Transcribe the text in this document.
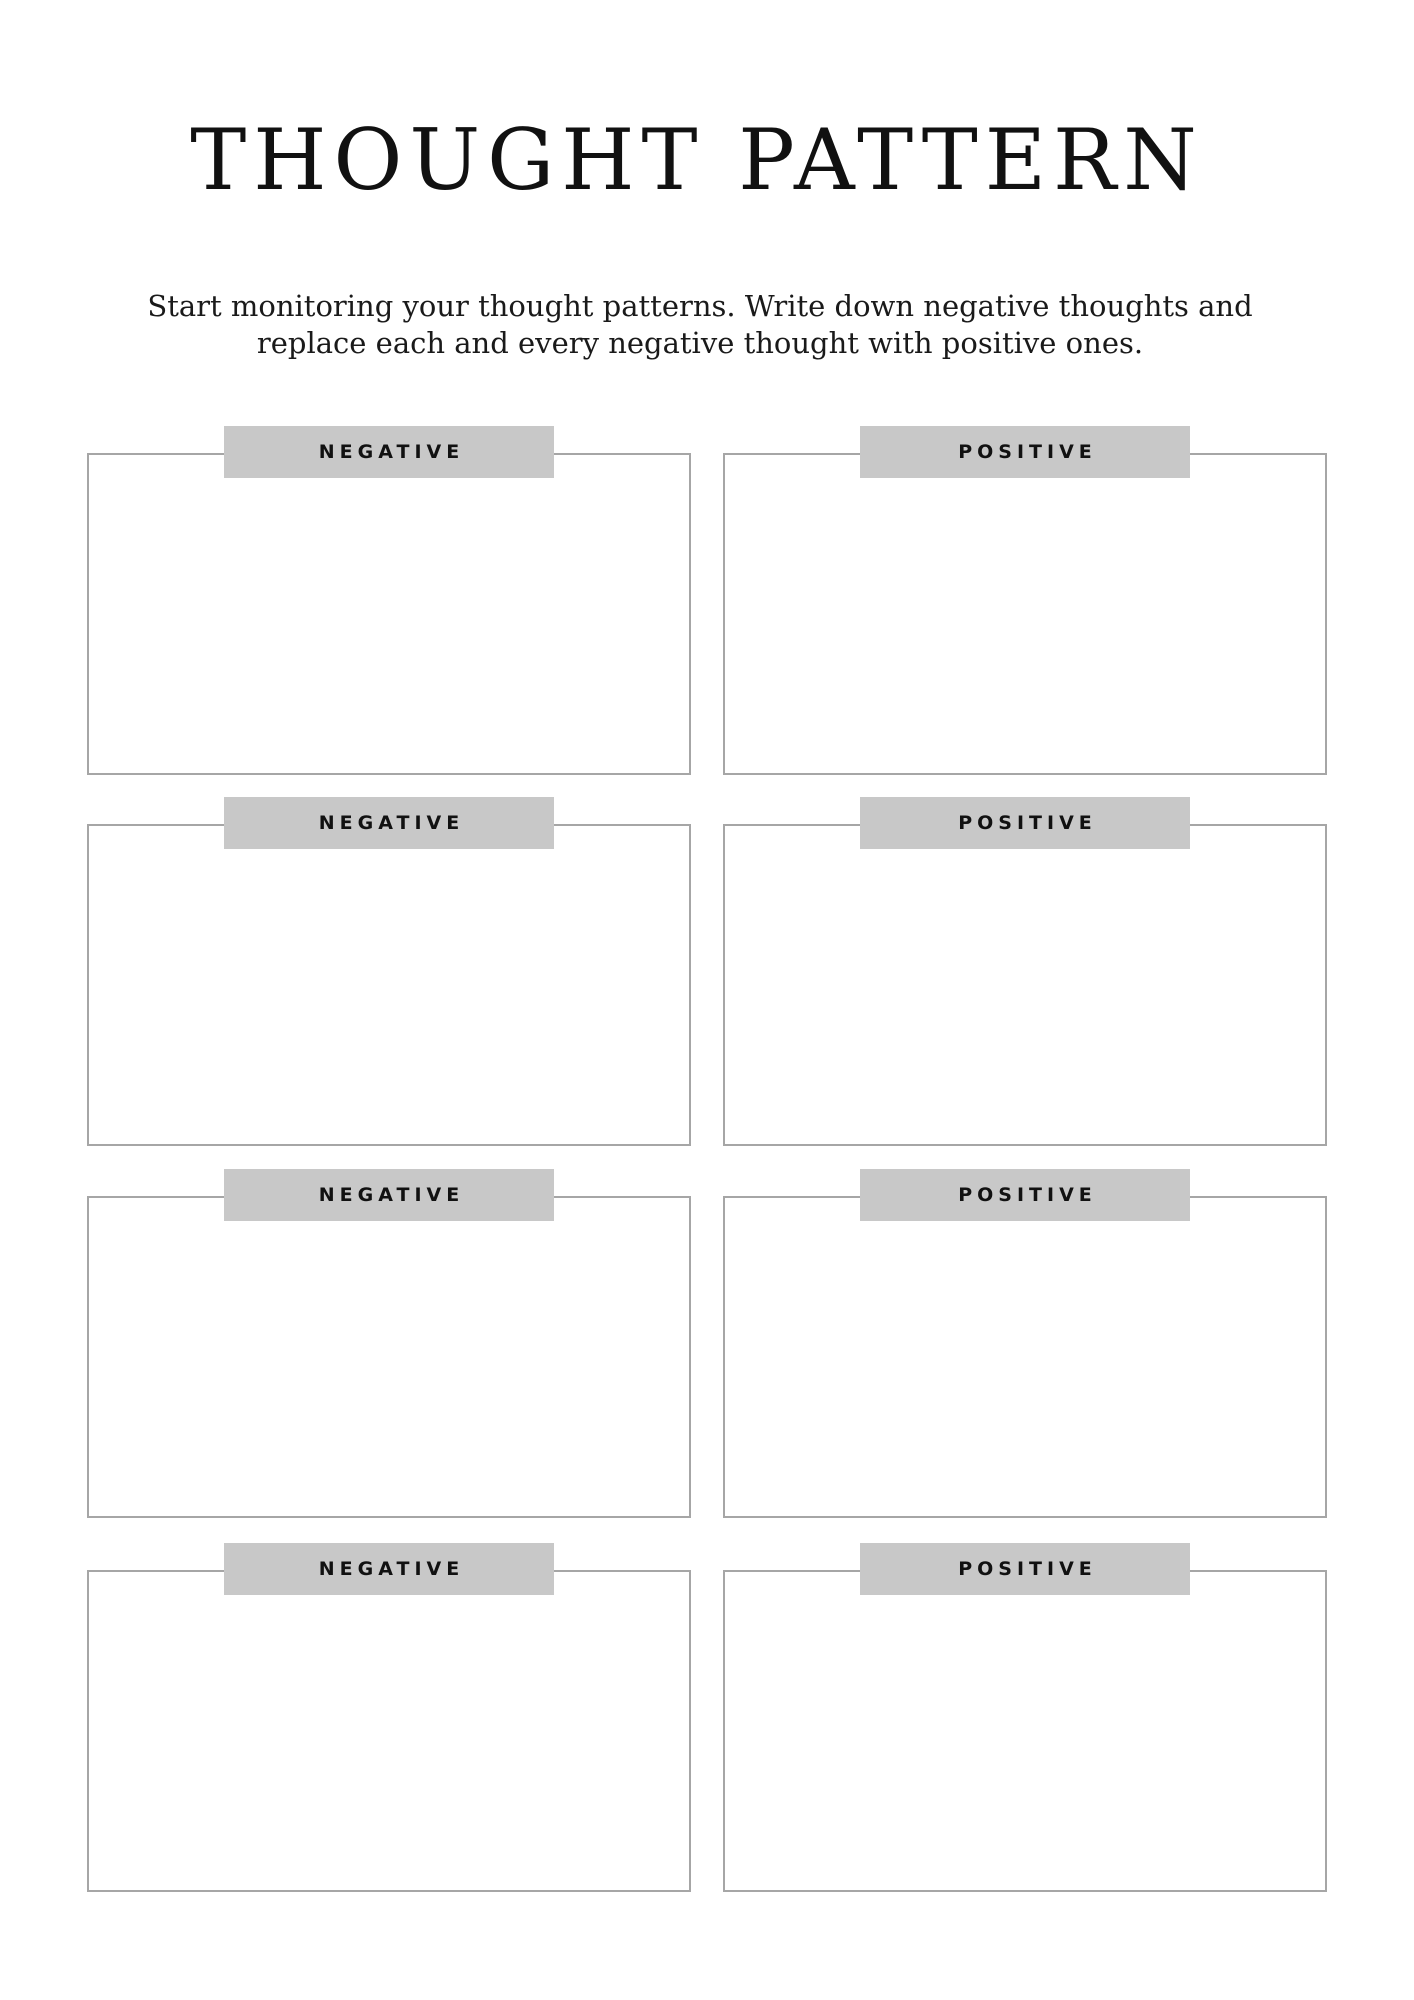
THOUGHT PATTERN

Start monitoring your thought patterns. Write down negative thoughts and replace each and every negative thought with positive ones.

NEGATIVE	POSITIVE
NEGATIVE	POSITIVE
NEGATIVE	POSITIVE
NEGATIVE	POSITIVE
